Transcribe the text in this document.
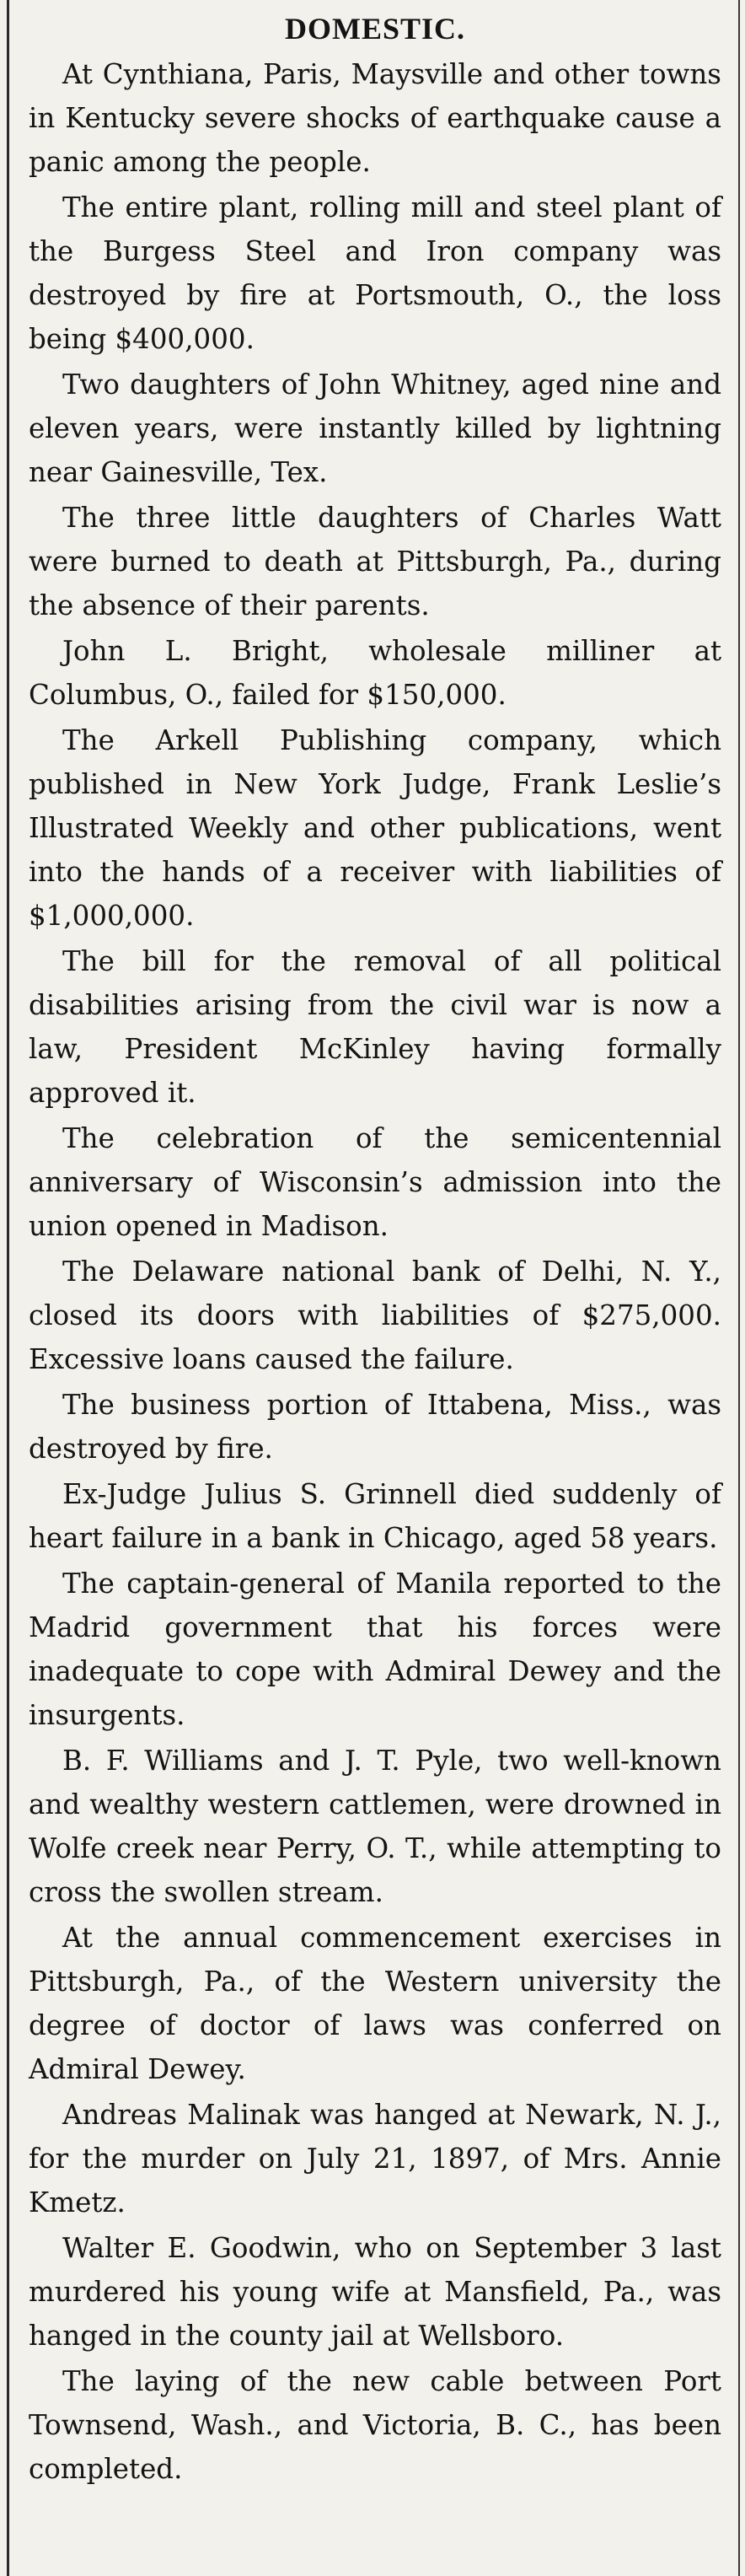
DOMESTIC.

At Cynthiana, Paris, Maysville and other towns in Kentucky severe shocks of earthquake cause a panic among the people.

The entire plant, rolling mill and steel plant of the Burgess Steel and Iron company was destroyed by fire at Portsmouth, O., the loss being $400,000.

Two daughters of John Whitney, aged nine and eleven years, were instantly killed by lightning near Gainesville, Tex.

The three little daughters of Charles Watt were burned to death at Pittsburgh, Pa., during the absence of their parents.

John L. Bright, wholesale milliner at Columbus, O., failed for $150,000.

The Arkell Publishing company, which published in New York Judge, Frank Leslie’s Illustrated Weekly and other publications, went into the hands of a receiver with liabilities of $1,000,000.

The bill for the removal of all political disabilities arising from the civil war is now a law, President McKinley having formally approved it.

The celebration of the semicentennial anniversary of Wisconsin’s admission into the union opened in Madison.

The Delaware national bank of Delhi, N. Y., closed its doors with liabilities of $275,000. Excessive loans caused the failure.

The business portion of Ittabena, Miss., was destroyed by fire.

Ex-Judge Julius S. Grinnell died suddenly of heart failure in a bank in Chicago, aged 58 years.

The captain-general of Manila reported to the Madrid government that his forces were inadequate to cope with Admiral Dewey and the insurgents.

B. F. Williams and J. T. Pyle, two well-known and wealthy western cattlemen, were drowned in Wolfe creek near Perry, O. T., while attempting to cross the swollen stream.

At the annual commencement exercises in Pittsburgh, Pa., of the Western university the degree of doctor of laws was conferred on Admiral Dewey.

Andreas Malinak was hanged at Newark, N. J., for the murder on July 21, 1897, of Mrs. Annie Kmetz.

Walter E. Goodwin, who on September 3 last murdered his young wife at Mansfield, Pa., was hanged in the county jail at Wellsboro.

The laying of the new cable between Port Townsend, Wash., and Victoria, B. C., has been completed.
